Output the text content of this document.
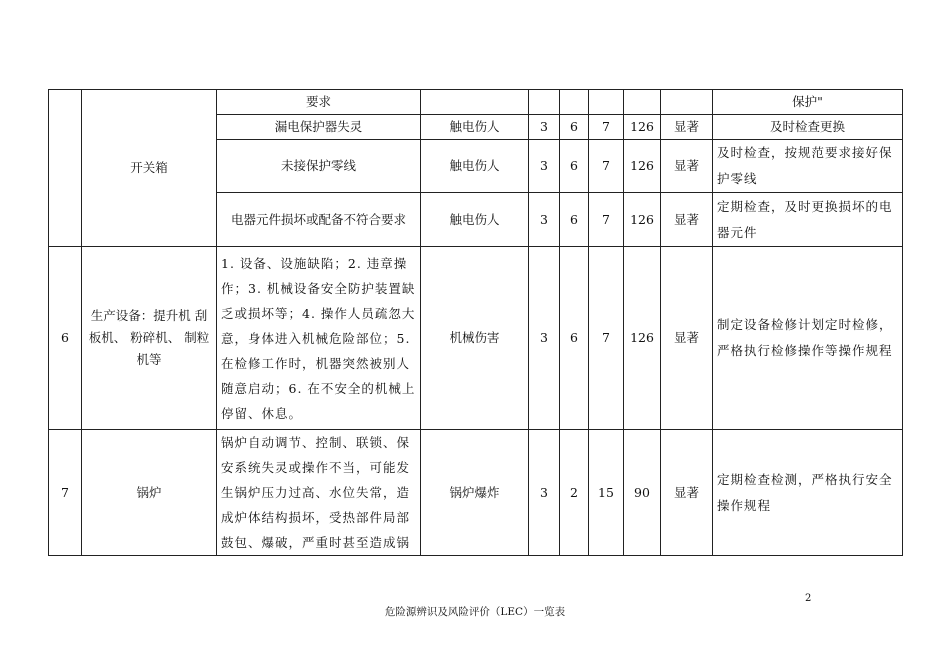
	开关箱	要求							保护"
		漏电保护器失灵	触电伤人	3	6	7	126	显著	及时检查更换
		未接保护零线	触电伤人	3	6	7	126	显著	及时检查，按规范要求接好保护零线
		电器元件损坏或配备不符合要求	触电伤人	3	6	7	126	显著	定期检查，及时更换损坏的电器元件
6	生产设备：提升机 刮板机、 粉碎机、 制粒机等	1. 设备、设施缺陷；2. 违章操作；3. 机械设备安全防护装置缺乏或损坏等；4. 操作人员疏忽大意，身体进入机械危险部位；5. 在检修工作时，机器突然被别人随意启动；6. 在不安全的机械上停留、休息。	机械伤害	3	6	7	126	显著	制定设备检修计划定时检修，严格执行检修操作等操作规程
7	锅炉	锅炉自动调节、控制、联锁、保安系统失灵或操作不当，可能发生锅炉压力过高、水位失常，造成炉体结构损坏，受热部件局部鼓包、爆破，严重时甚至造成锅	锅炉爆炸	3	2	15	90	显著	定期检查检测，严格执行安全操作规程
2
危险源辨识及风险评价（LEC）一览表
